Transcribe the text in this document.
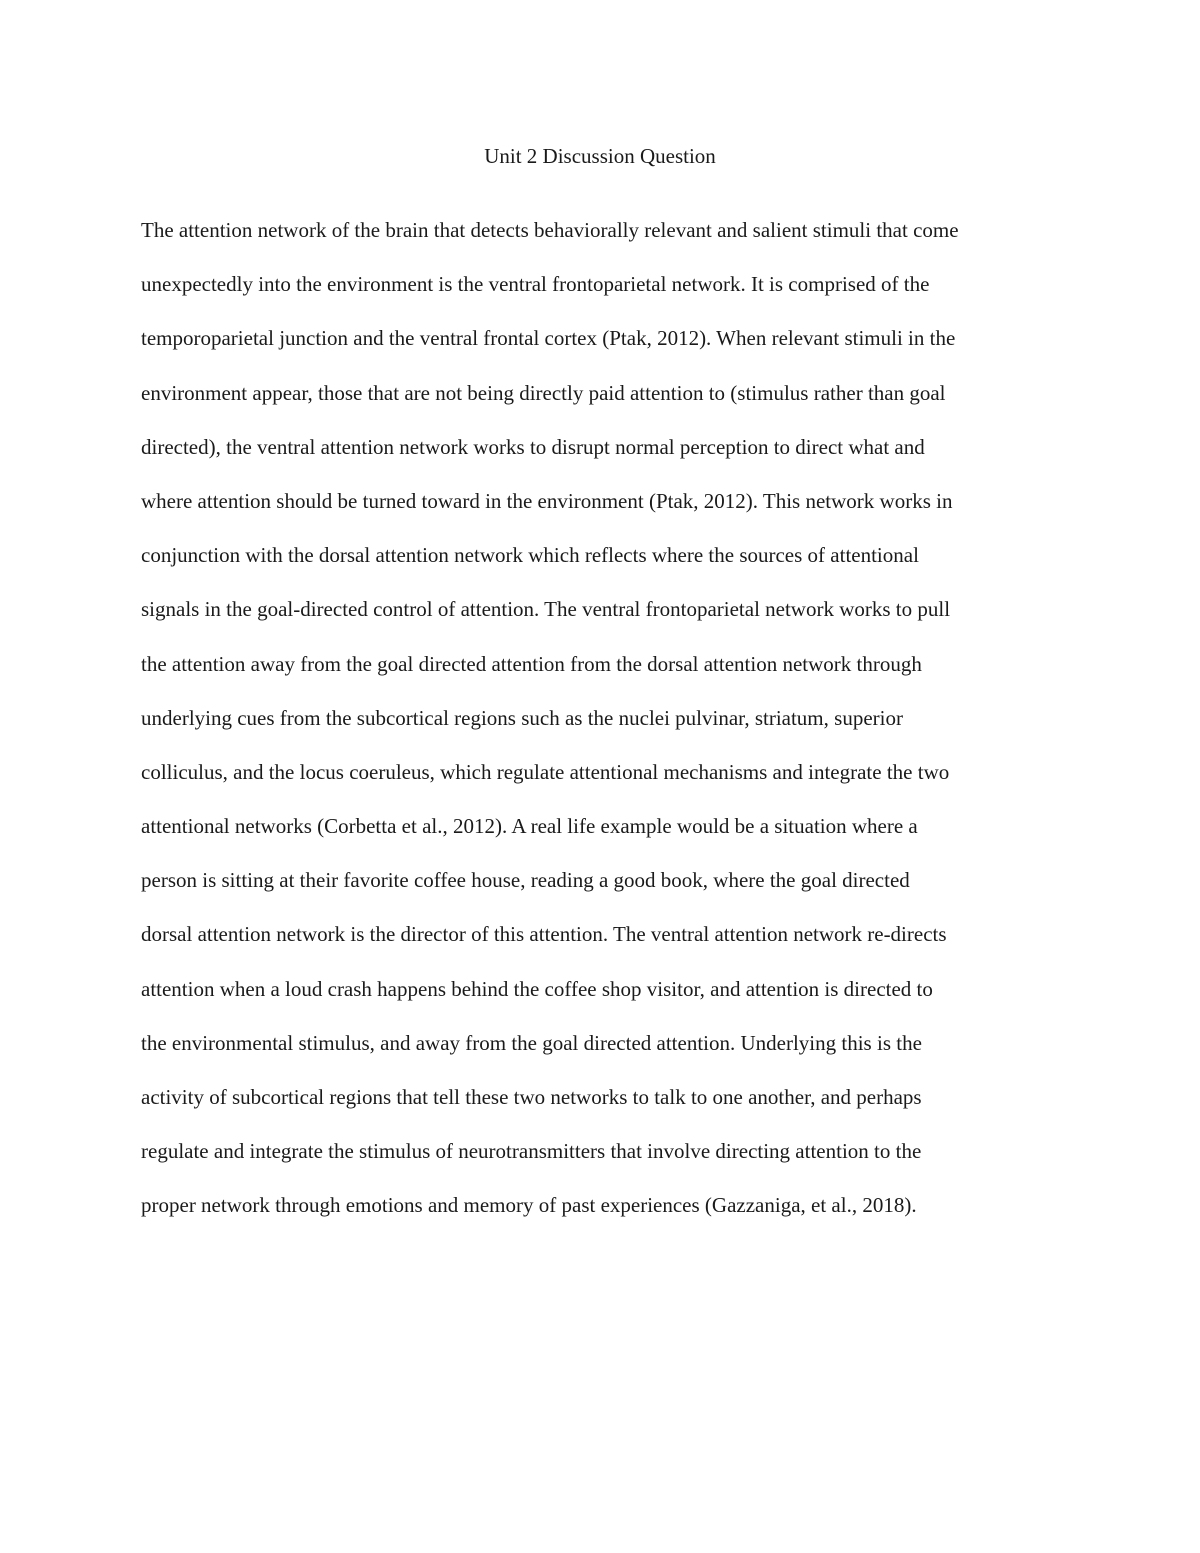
Unit 2 Discussion Question
The attention network of the brain that detects behaviorally relevant and salient stimuli that come
unexpectedly into the environment is the ventral frontoparietal network. It is comprised of the
temporoparietal junction and the ventral frontal cortex (Ptak, 2012). When relevant stimuli in the
environment appear, those that are not being directly paid attention to (stimulus rather than goal
directed), the ventral attention network works to disrupt normal perception to direct what and
where attention should be turned toward in the environment (Ptak, 2012). This network works in
conjunction with the dorsal attention network which reflects where the sources of attentional
signals in the goal-directed control of attention. The ventral frontoparietal network works to pull
the attention away from the goal directed attention from the dorsal attention network through
underlying cues from the subcortical regions such as the nuclei pulvinar, striatum, superior
colliculus, and the locus coeruleus, which regulate attentional mechanisms and integrate the two
attentional networks (Corbetta et al., 2012). A real life example would be a situation where a
person is sitting at their favorite coffee house, reading a good book, where the goal directed
dorsal attention network is the director of this attention. The ventral attention network re-directs
attention when a loud crash happens behind the coffee shop visitor, and attention is directed to
the environmental stimulus, and away from the goal directed attention. Underlying this is the
activity of subcortical regions that tell these two networks to talk to one another, and perhaps
regulate and integrate the stimulus of neurotransmitters that involve directing attention to the
proper network through emotions and memory of past experiences (Gazzaniga, et al., 2018).
